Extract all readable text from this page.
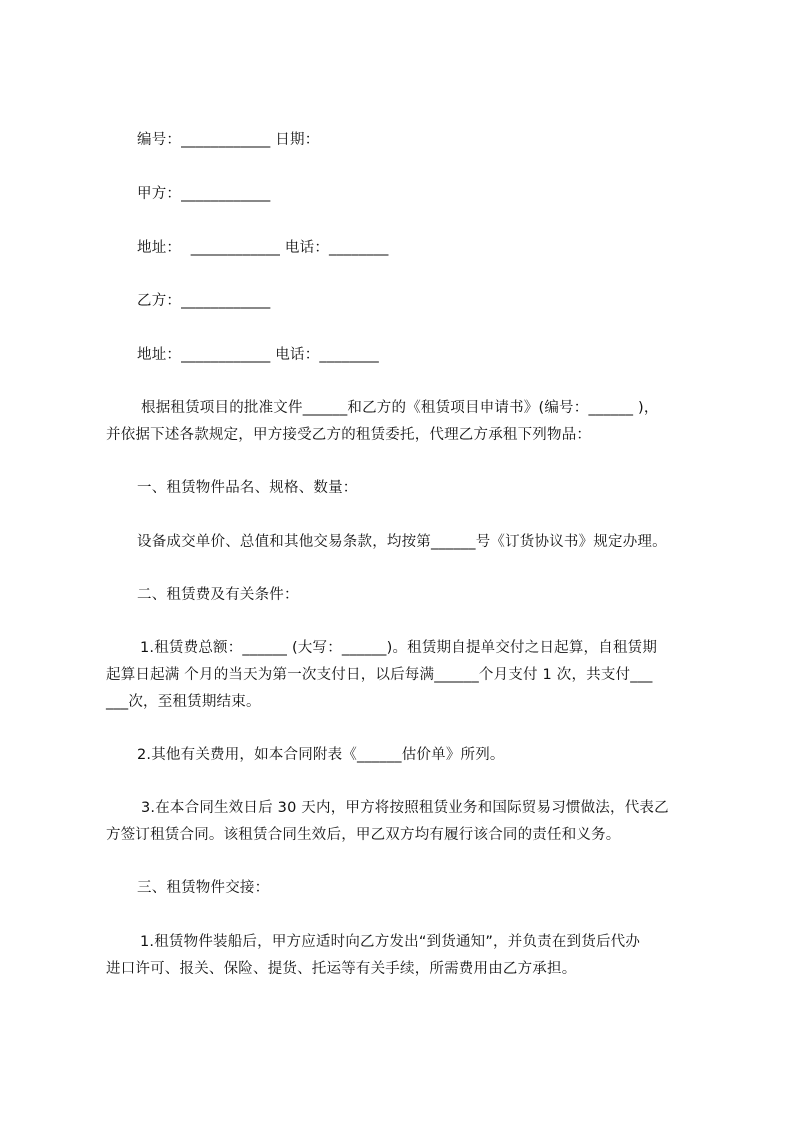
编号：____________ 日期：
甲方：____________
地址：  ____________ 电话：________
乙方：____________
地址：____________ 电话：________
根据租赁项目的批准文件______和乙方的《租赁项目申请书》(编号：______ )，
并依据下述各款规定，甲方接受乙方的租赁委托，代理乙方承租下列物品：
一、租赁物件品名、规格、数量：
设备成交单价、总值和其他交易条款，均按第______号《订货协议书》规定办理。
二、租赁费及有关条件：
1.租赁费总额：______ (大写：______)。租赁期自提单交付之日起算，自租赁期
起算日起满 个月的当天为第一次支付日，以后每满______个月支付 1 次，共支付___
___次，至租赁期结束。
2.其他有关费用，如本合同附表《______估价单》所列。
3.在本合同生效日后 30 天内，甲方将按照租赁业务和国际贸易习惯做法，代表乙
方签订租赁合同。该租赁合同生效后，甲乙双方均有履行该合同的责任和义务。
三、租赁物件交接：
1.租赁物件装船后，甲方应适时向乙方发出“到货通知”，并负责在到货后代办
进口许可、报关、保险、提货、托运等有关手续，所需费用由乙方承担。
